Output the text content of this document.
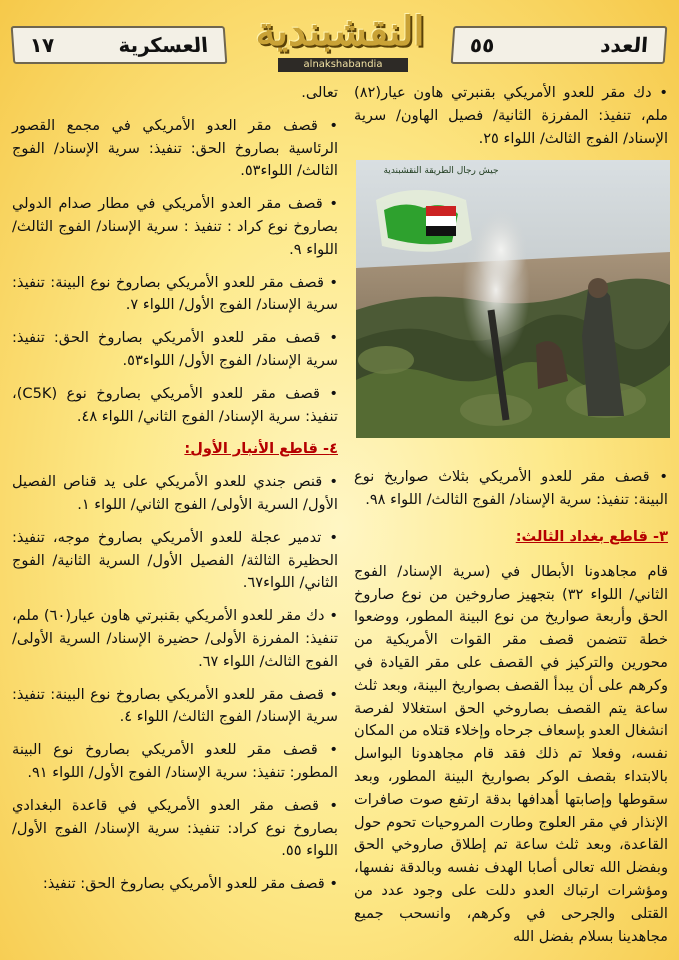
العدد
٥٥
النقشبندية
alnakshabandia
العسكرية
١٧

• دك مقر للعدو الأمريكي بقنبرتي هاون عيار(٨٢) ملم، تنفيذ: المفرزة الثانية/ فصيل الهاون/ سرية الإسناد/ الفوج الثالث/ اللواء ٢٥.

• قصف مقر للعدو الأمريكي بثلاث صواريخ نوع البينة: تنفيذ: سرية الإسناد/ الفوج الثالث/ اللواء ٩٨.

٣- قاطع بغداد الثالث:

قام مجاهدونا الأبطال في (سرية الإسناد/ الفوج الثاني/ اللواء ٣٢) بتجهيز صاروخين من نوع صاروخ الحق وأربعة صواريخ من نوع البينة المطور، ووضعوا خطة تتضمن قصف مقر القوات الأمريكية من محورين والتركيز في القصف على مقر القيادة في وكرهم على أن يبدأ القصف بصواريخ البينة، وبعد ثلث ساعة يتم القصف بصاروخي الحق استغلالا لفرصة انشغال العدو بإسعاف جرحاه وإخلاء قتلاه من المكان نفسه، وفعلا تم ذلك فقد قام مجاهدونا البواسل بالابتداء بقصف الوكر بصواريخ البينة المطور، وبعد سقوطها وإصابتها أهدافها بدقة ارتفع صوت صافرات الإنذار في مقر العلوج وطارت المروحيات تحوم حول القاعدة، وبعد ثلث ساعة تم إطلاق صاروخي الحق وبفضل الله تعالى أصابا الهدف نفسه وبالدقة نفسها، ومؤشرات ارتباك العدو دللت على وجود عدد من القتلى والجرحى في وكرهم، وانسحب جميع مجاهدينا بسلام بفضل الله

جيش رجال الطريقة النقشبندية

تعالى.

• قصف مقر العدو الأمريكي في مجمع القصور الرئاسية بصاروخ الحق: تنفيذ: سرية الإسناد/ الفوج الثالث/ اللواء٥٣.

• قصف مقر العدو الأمريكي في مطار صدام الدولي بصاروخ نوع كراد : تنفيذ : سرية الإسناد/ الفوج الثالث/ اللواء ٩.

• قصف مقر للعدو الأمريكي بصاروخ نوع البينة: تنفيذ: سرية الإسناد/ الفوج الأول/ اللواء ٧.

• قصف مقر للعدو الأمريكي بصاروخ الحق: تنفيذ: سرية الإسناد/ الفوج الأول/ اللواء٥٣.

• قصف مقر للعدو الأمريكي بصاروخ نوع (C5K)، تنفيذ: سرية الإسناد/ الفوج الثاني/ اللواء ٤٨.

٤- قاطع الأنبار الأول:

• قنص جندي للعدو الأمريكي على يد قناص الفصيل الأول/ السرية الأولى/ الفوج الثاني/ اللواء ١.

• تدمير عجلة للعدو الأمريكي بصاروخ موجه، تنفيذ: الحظيرة الثالثة/ الفصيل الأول/ السرية الثانية/ الفوج الثاني/ اللواء٦٧.

• دك مقر للعدو الأمريكي بقنبرتي هاون عيار(٦٠) ملم، تنفيذ: المفرزة الأولى/ حضيرة الإسناد/ السرية الأولى/ الفوج الثالث/ اللواء ٦٧.

• قصف مقر للعدو الأمريكي بصاروخ نوع البينة: تنفيذ: سرية الإسناد/ الفوج الثالث/ اللواء ٤.

• قصف مقر للعدو الأمريكي بصاروخ نوع البينة المطور: تنفيذ: سرية الإسناد/ الفوج الأول/ اللواء ٩١.

• قصف مقر العدو الأمريكي في قاعدة البغدادي بصاروخ نوع كراد: تنفيذ: سرية الإسناد/ الفوج الأول/ اللواء ٥٥.

• قصف مقر للعدو الأمريكي بصاروخ الحق: تنفيذ:
